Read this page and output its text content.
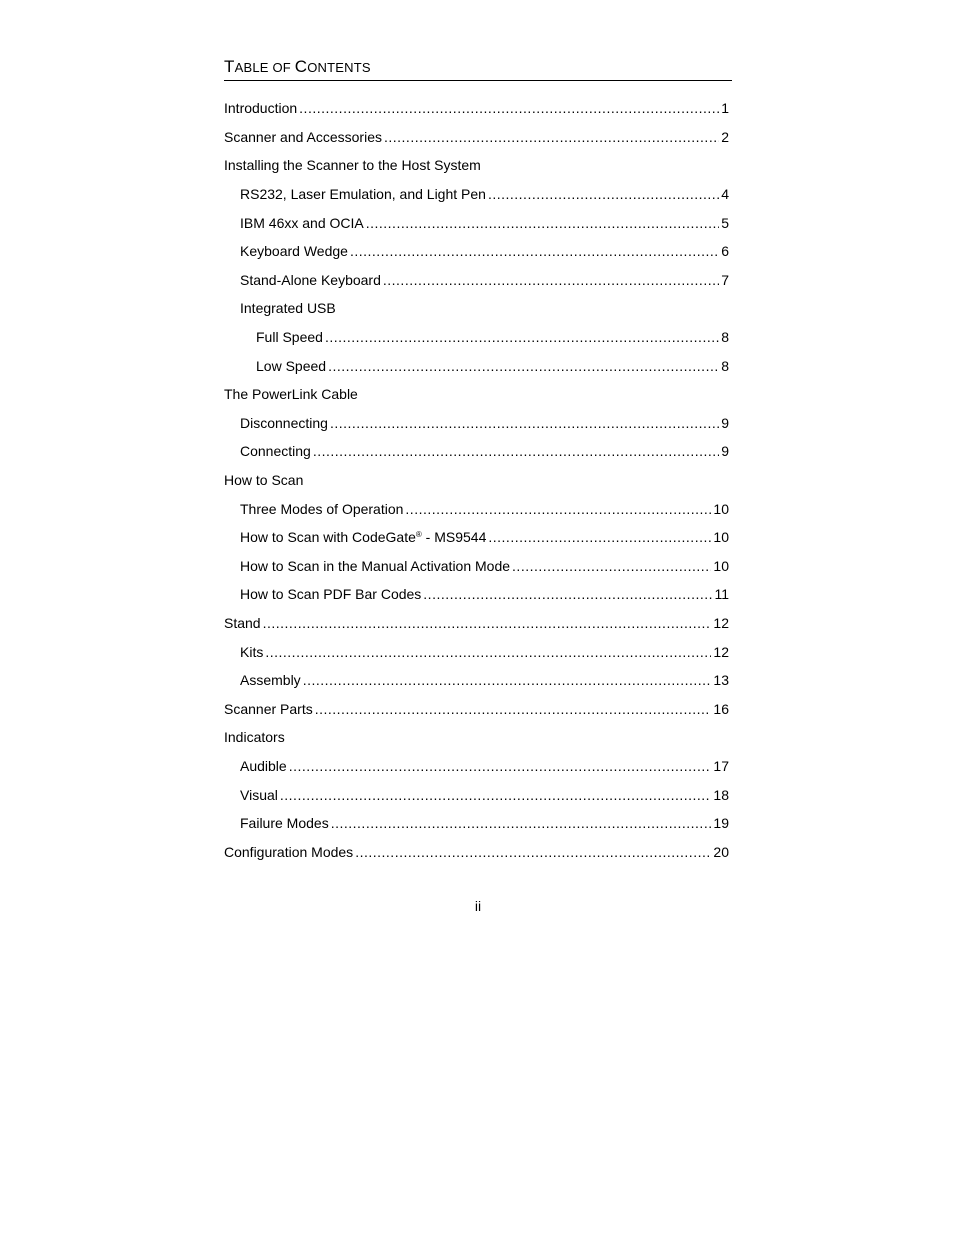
TABLE OF CONTENTS
Introduction .....	1
Scanner and Accessories .....	2
Installing the Scanner to the Host System
RS232, Laser Emulation, and Light Pen .....	4
IBM 46xx and OCIA .....	5
Keyboard Wedge .....	6
Stand-Alone Keyboard .....	7
Integrated USB
Full Speed .....	8
Low Speed .....	8
The PowerLink Cable
Disconnecting .....	9
Connecting .....	9
How to Scan
Three Modes of Operation .....	10
How to Scan with CodeGate® - MS9544 .....	10
How to Scan in the Manual Activation Mode .....	10
How to Scan PDF Bar Codes .....	11
Stand .....	12
Kits .....	12
Assembly .....	13
Scanner Parts .....	16
Indicators
Audible .....	17
Visual .....	18
Failure Modes .....	19
Configuration Modes .....	20
ii
